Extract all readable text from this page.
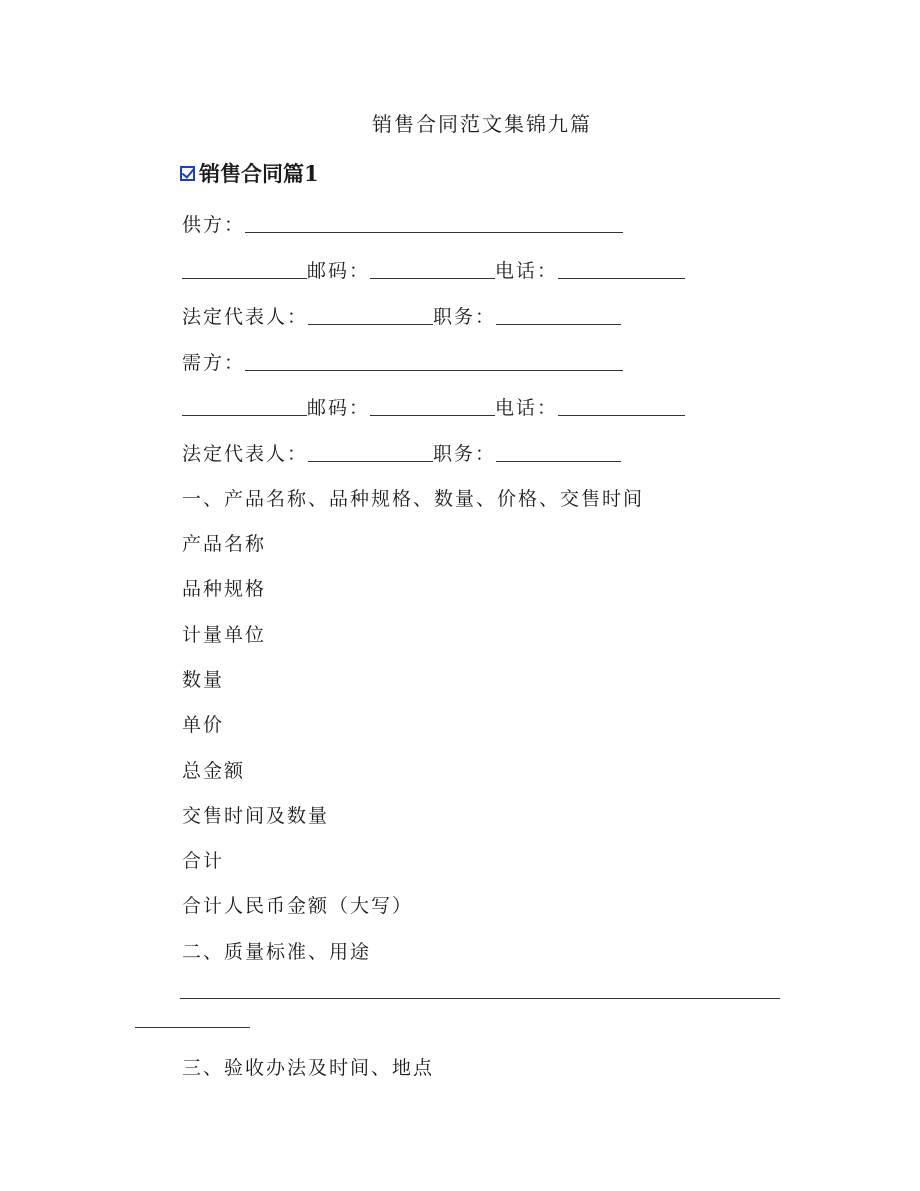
销售合同范文集锦九篇
销售合同篇1
供方：
邮码：	电话：
法定代表人：	职务：
需方：
邮码：	电话：
法定代表人：	职务：
一、产品名称、品种规格、数量、价格、交售时间
产品名称
品种规格
计量单位
数量
单价
总金额
交售时间及数量
合计
合计人民币金额（大写）
二、质量标准、用途
三、验收办法及时间、地点
